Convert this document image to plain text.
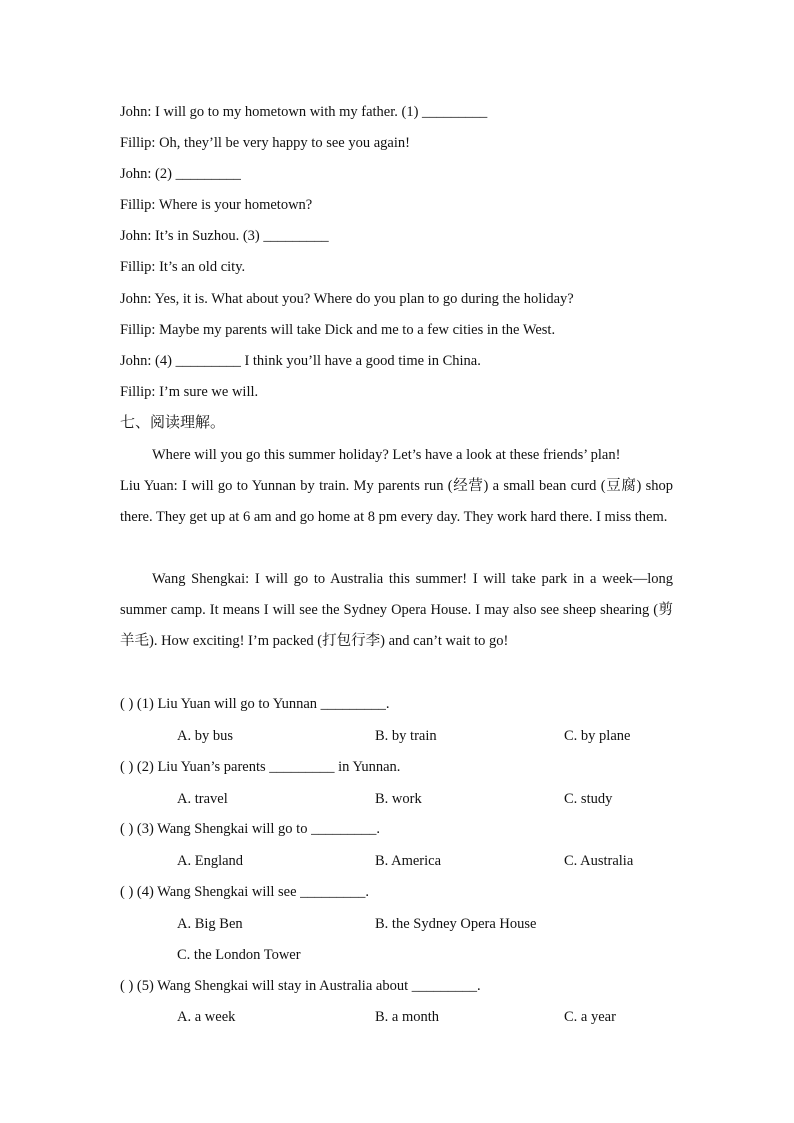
John: I will go to my hometown with my father. (1) _________
Fillip: Oh, they’ll be very happy to see you again!
John: (2) _________
Fillip: Where is your hometown?
John: It’s in Suzhou. (3) _________
Fillip: It’s an old city.
John: Yes, it is. What about you? Where do you plan to go during the holiday?
Fillip: Maybe my parents will take Dick and me to a few cities in the West.
John: (4) _________ I think you’ll have a good time in China.
Fillip: I’m sure we will.
七、阅读理解。
Where will you go this summer holiday? Let’s have a look at these friends’ plan!
Liu Yuan: I will go to Yunnan by train. My parents run (经营) a small bean curd (豆腐) shop there. They get up at 6 am and go home at 8 pm every day. They work hard there. I miss them.
Wang Shengkai: I will go to Australia this summer! I will take park in a week—long summer camp. It means I will see the Sydney Opera House. I may also see sheep shearing (剪羊毛). How exciting! I’m packed (打包行李) and can’t wait to go!
( ) (1) Liu Yuan will go to Yunnan _________.
A. by bus	B. by train	C. by plane
( ) (2) Liu Yuan’s parents _________ in Yunnan.
A. travel	B. work	C. study
( ) (3) Wang Shengkai will go to _________.
A. England	B. America	C. Australia
( ) (4) Wang Shengkai will see _________.
A. Big Ben	B. the Sydney Opera House
C. the London Tower
( ) (5) Wang Shengkai will stay in Australia about _________.
A. a week	B. a month	C. a year
